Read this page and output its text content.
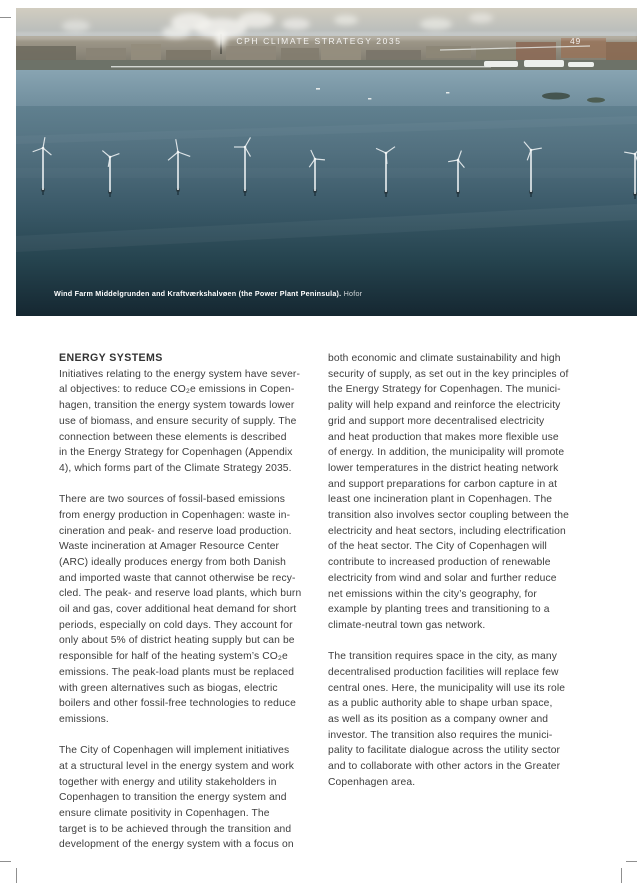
CPH CLIMATE STRATEGY 2035	49
Wind Farm Middelgrunden and Kraftværkshalvøen (the Power Plant Peninsula). Hofor
ENERGY SYSTEMS

Initiatives relating to the energy system have sever-
al objectives: to reduce CO₂e emissions in Copen-
hagen, transition the energy system towards lower
use of biomass, and ensure security of supply. The
connection between these elements is described
in the Energy Strategy for Copenhagen (Appendix
4), which forms part of the Climate Strategy 2035.

There are two sources of fossil-based emissions
from energy production in Copenhagen: waste in-
cineration and peak- and reserve load production.
Waste incineration at Amager Resource Center
(ARC) ideally produces energy from both Danish
and imported waste that cannot otherwise be recy-
cled. The peak- and reserve load plants, which burn
oil and gas, cover additional heat demand for short
periods, especially on cold days. They account for
only about 5% of district heating supply but can be
responsible for half of the heating system’s CO₂e
emissions. The peak-load plants must be replaced
with green alternatives such as biogas, electric
boilers and other fossil-free technologies to reduce
emissions.

The City of Copenhagen will implement initiatives
at a structural level in the energy system and work
together with energy and utility stakeholders in
Copenhagen to transition the energy system and
ensure climate positivity in Copenhagen. The
target is to be achieved through the transition and
development of the energy system with a focus on

both economic and climate sustainability and high
security of supply, as set out in the key principles of
the Energy Strategy for Copenhagen. The munici-
pality will help expand and reinforce the electricity
grid and support more decentralised electricity
and heat production that makes more flexible use
of energy. In addition, the municipality will promote
lower temperatures in the district heating network
and support preparations for carbon capture in at
least one incineration plant in Copenhagen. The
transition also involves sector coupling between the
electricity and heat sectors, including electrification
of the heat sector. The City of Copenhagen will
contribute to increased production of renewable
electricity from wind and solar and further reduce
net emissions within the city’s geography, for
example by planting trees and transitioning to a
climate-neutral town gas network.

The transition requires space in the city, as many
decentralised production facilities will replace few
central ones. Here, the municipality will use its role
as a public authority able to shape urban space,
as well as its position as a company owner and
investor. The transition also requires the munici-
pality to facilitate dialogue across the utility sector
and to collaborate with other actors in the Greater
Copenhagen area.
